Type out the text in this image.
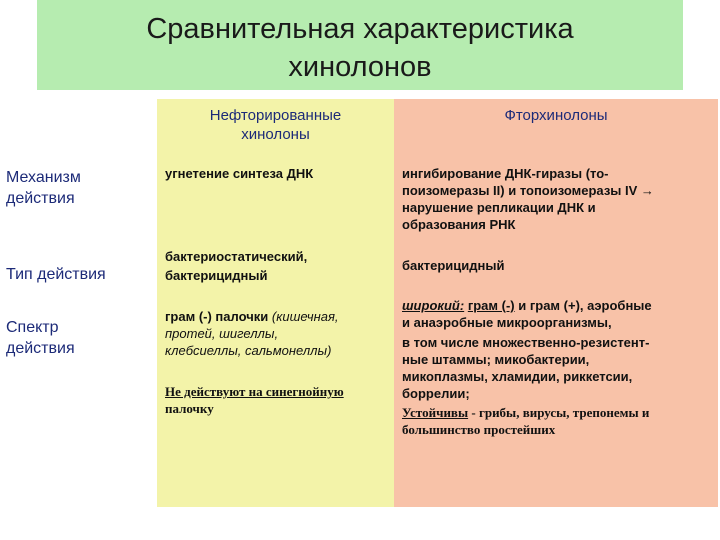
Сравнительная характеристика
хинолонов
Нефторированные
хинолоны
Фторхинолоны
Механизм
действия
Тип действия
Спектр
действия
угнетение синтеза ДНК
бактериостатический,
бактерицидный
грам (-) палочки (кишечная,
протей, шигеллы,
клебсиеллы, сальмонеллы)
Не действуют на синегнойную
палочку
ингибирование ДНК-гиразы (то-
поизомеразы II) и топоизомеразы IV →
нарушение репликации ДНК и
образования РНК
бактерицидный
широкий: грам (-) и грам (+), аэробные
и анаэробные микроорганизмы,
в том числе множественно-резистент-
ные штаммы; микобактерии,
микоплазмы, хламидии, риккетсии,
боррелии;
Устойчивы - грибы, вирусы, трепонемы и
большинство простейших
